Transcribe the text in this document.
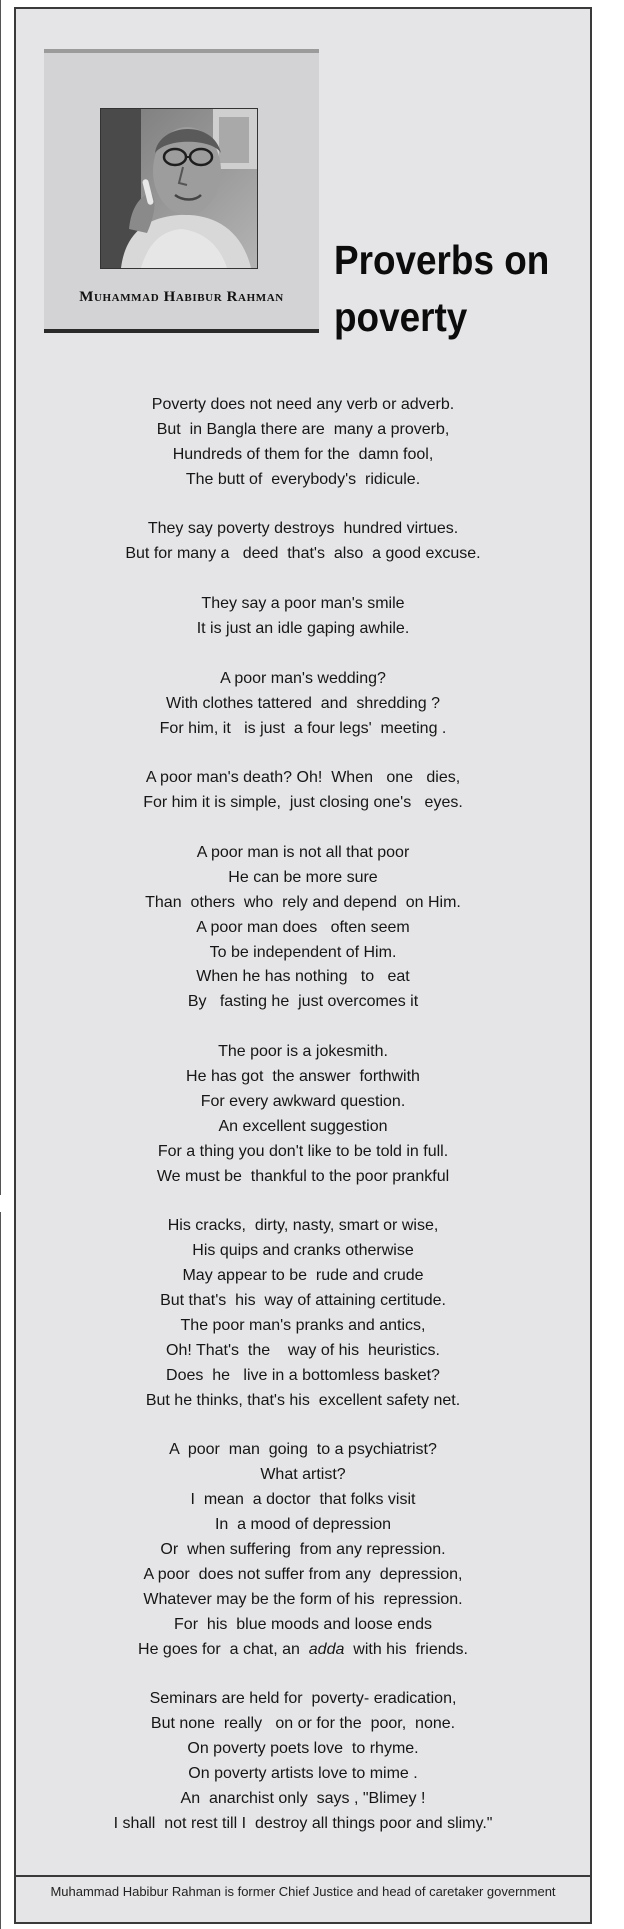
Muhammad Habibur Rahman
Proverbs on poverty
Poverty does not need any verb or adverb.
But  in Bangla there are  many a proverb,
Hundreds of them for the  damn fool,
The butt of  everybody's  ridicule.
They say poverty destroys  hundred virtues.
But for many a   deed  that's  also  a good excuse.
They say a poor man's smile
It is just an idle gaping awhile.
A poor man's wedding?
With clothes tattered  and  shredding ?
For him, it   is just  a four legs'  meeting .
A poor man's death? Oh!  When   one   dies,
For him it is simple,  just closing one's   eyes.
A poor man is not all that poor
He can be more sure
Than  others  who  rely and depend  on Him.
A poor man does   often seem
To be independent of Him.
When he has nothing   to   eat
By   fasting he  just overcomes it
The poor is a jokesmith.
He has got  the answer  forthwith
For every awkward question.
An excellent suggestion
For a thing you don't like to be told in full.
We must be  thankful to the poor prankful
His cracks,  dirty, nasty, smart or wise,
His quips and cranks otherwise
May appear to be  rude and crude
But that's  his  way of attaining certitude.
The poor man's pranks and antics,
Oh! That's  the    way of his  heuristics.
Does  he   live in a bottomless basket?
But he thinks, that's his  excellent safety net.
A  poor  man  going  to a psychiatrist?
What artist?
I  mean  a doctor  that folks visit
In  a mood of depression
Or  when suffering  from any repression.
A poor  does not suffer from any  depression,
Whatever may be the form of his  repression.
For  his  blue moods and loose ends
He goes for  a chat, an  adda  with his  friends.
Seminars are held for  poverty- eradication,
But none  really   on or for the  poor,  none.
On poverty poets love  to rhyme.
On poverty artists love to mime .
An  anarchist only  says , "Blimey !
I shall  not rest till I  destroy all things poor and slimy."
Muhammad Habibur Rahman is former Chief Justice and head of caretaker government
